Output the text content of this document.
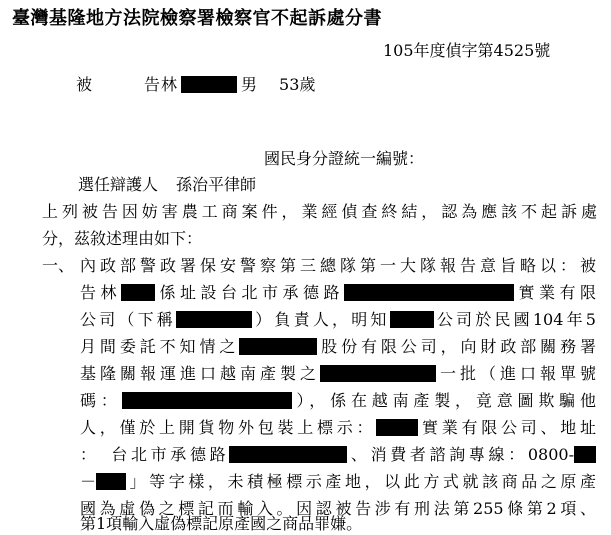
臺灣基隆地方法院檢察署檢察官不起訴處分書
105年度偵字第4525號
被　　　告林	男 53歲
國民身分證統一編號：
選任辯護人 孫治平律師
上列被告因妨害農工商案件，業經偵查終結，認為應該不起訴處
分，茲敘述理由如下：
一、 內政部警政署保安警察第三總隊第一大隊報告意旨略以：被
告林 係址設台北市承德路	實業有限
公司（下稱	）負責人，明知	公司於民國104年5
月間委託不知情之	股份有限公司，向財政部關務署
基隆關報運進口越南產製之	一批（進口報單號
碼：	），係在越南產製，竟意圖欺騙他
人，僅於上開貨物外包裝上標示：	實業有限公司、地址
：　台北市承德路	、消費者諮詢專線：0800-
－ 」等字樣，未積極標示產地，以此方式就該商品之原產
國為虛偽之標記而輸入。因認被告涉有刑法第255條第2項、
第1項輸入虛偽標記原產國之商品罪嫌。
